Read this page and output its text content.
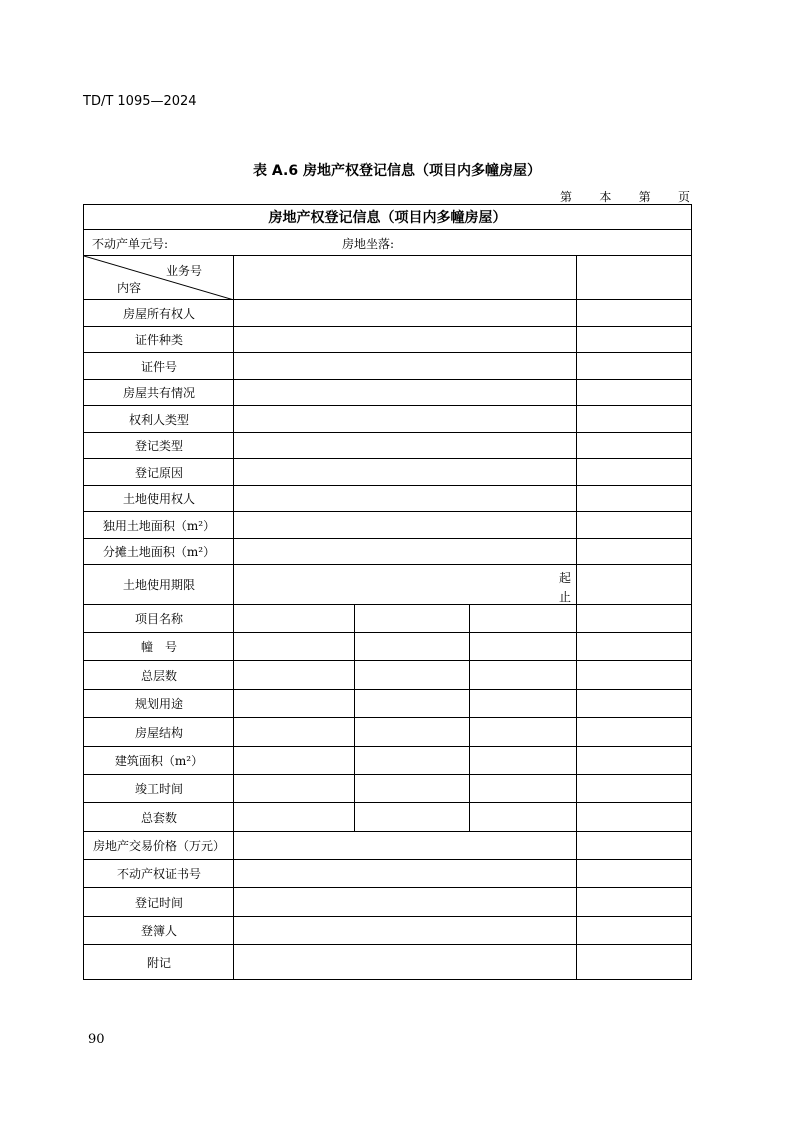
TD/T 1095—2024
表 A.6 房地产权登记信息（项目内多幢房屋）
第 本 第 页
房地产权登记信息（项目内多幢房屋）
不动产单元号:	房地坐落:
业务号
内容
房屋所有权人
证件种类
证件号
房屋共有情况
权利人类型
登记类型
登记原因
土地使用权人
独用土地面积（m²）
分摊土地面积（m²）
土地使用期限
项目名称
幢　号
总层数
规划用途
房屋结构
建筑面积（m²）
竣工时间
总套数
房地产交易价格（万元）
不动产权证书号
登记时间
登簿人
附记
起
止
90
